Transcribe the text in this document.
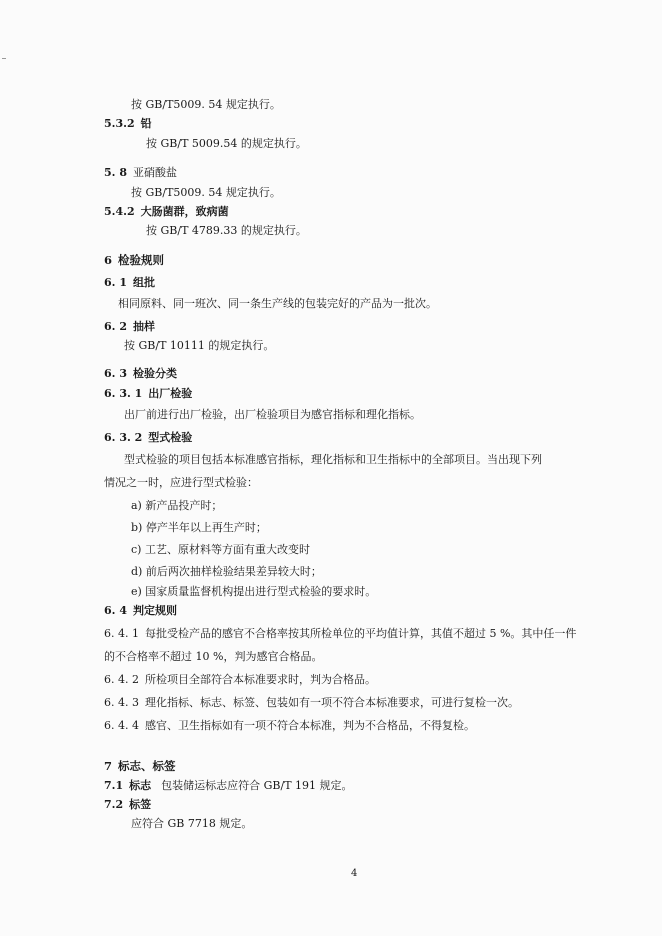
按 GB/T5009. 54 规定执行。
5.3.2 铅
按 GB/T 5009.54 的规定执行。
5. 8 亚硝酸盐
按 GB/T5009. 54 规定执行。
5.4.2 大肠菌群，致病菌
按 GB/T 4789.33 的规定执行。
6 检验规则
6. 1 组批
相同原料、同一班次、同一条生产线的包装完好的产品为一批次。
6. 2 抽样
按 GB/T 10111 的规定执行。
6. 3 检验分类
6. 3. 1 出厂检验
出厂前进行出厂检验，出厂检验项目为感官指标和理化指标。
6. 3. 2 型式检验
型式检验的项目包括本标准感官指标，理化指标和卫生指标中的全部项目。当出现下列
情况之一时，应进行型式检验：
a) 新产品投产时；
b) 停产半年以上再生产时；
c) 工艺、原材料等方面有重大改变时
d) 前后两次抽样检验结果差异较大时；
e) 国家质量监督机构提出进行型式检验的要求时。
6. 4 判定规则
6. 4. 1 每批受检产品的感官不合格率按其所检单位的平均值计算，其值不超过 5 %。其中任一件
的不合格率不超过 10 %，判为感官合格品。
6. 4. 2 所检项目全部符合本标准要求时，判为合格品。
6. 4. 3 理化指标、标志、标签、包装如有一项不符合本标准要求，可进行复检一次。
6. 4. 4 感官、卫生指标如有一项不符合本标准，判为不合格品，不得复检。
7 标志、标签
7.1 标志 包装储运标志应符合 GB/T 191 规定。
7.2 标签
应符合 GB 7718 规定。
4
